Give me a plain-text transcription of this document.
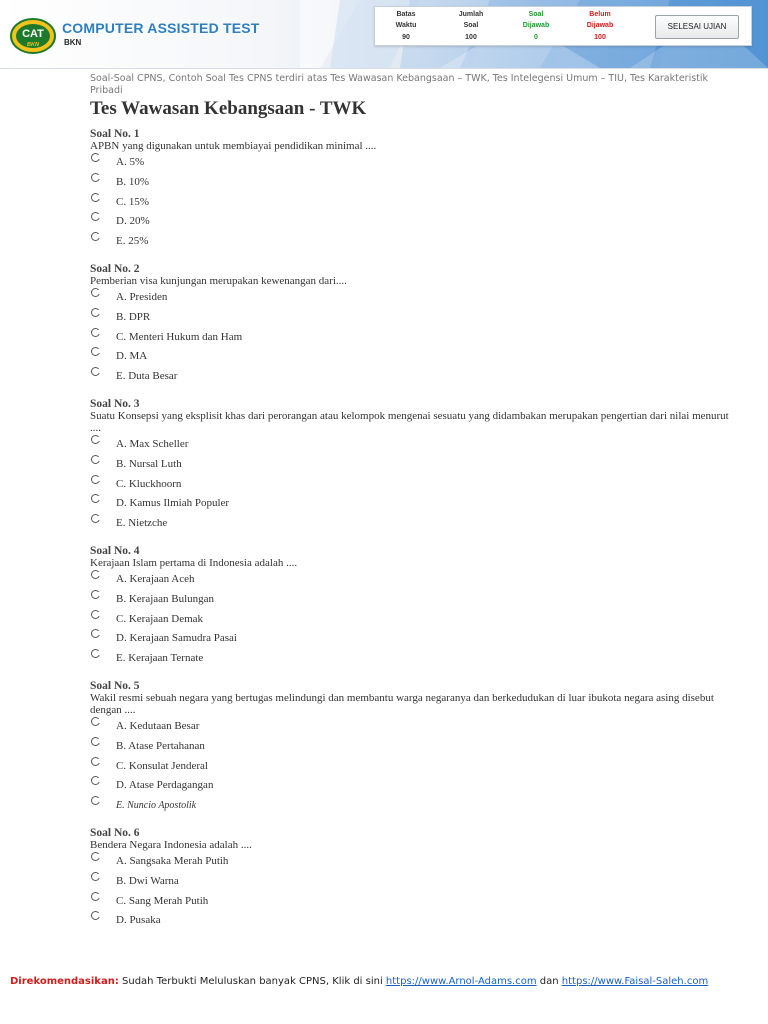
CAT
BKN
COMPUTER ASSISTED TEST
BKN
Batas
Waktu
90
Jumlah
Soal
100
Soal
Dijawab
0
Belum
Dijawab
100
SELESAI UJIAN
Soal-Soal CPNS, Contoh Soal Tes CPNS terdiri atas Tes Wawasan Kebangsaan – TWK, Tes Intelegensi Umum – TIU, Tes Karakteristik Pribadi
Tes Wawasan Kebangsaan - TWK
Soal No. 1
APBN yang digunakan untuk membiayai pendidikan minimal ....
A. 5%
B. 10%
C. 15%
D. 20%
E. 25%
Soal No. 2
Pemberian visa kunjungan merupakan kewenangan dari....
A. Presiden
B. DPR
C. Menteri Hukum dan Ham
D. MA
E. Duta Besar
Soal No. 3
Suatu Konsepsi yang eksplisit khas dari perorangan atau kelompok mengenai sesuatu yang didambakan merupakan pengertian dari nilai menurut ....
A. Max Scheller
B. Nursal Luth
C. Kluckhoorn
D. Kamus Ilmiah Populer
E. Nietzche
Soal No. 4
Kerajaan Islam pertama di Indonesia adalah ....
A. Kerajaan Aceh
B. Kerajaan Bulungan
C. Kerajaan Demak
D. Kerajaan Samudra Pasai
E. Kerajaan Ternate
Soal No. 5
Wakil resmi sebuah negara yang bertugas melindungi dan membantu warga negaranya dan berkedudukan di luar ibukota negara asing disebut dengan ....
A. Kedutaan Besar
B. Atase Pertahanan
C. Konsulat Jenderal
D. Atase Perdagangan
E. Nuncio Apostolik
Soal No. 6
Bendera Negara Indonesia adalah ....
A. Sangsaka Merah Putih
B. Dwi Warna
C. Sang Merah Putih
D. Pusaka
Direkomendasikan: Sudah Terbukti Meluluskan banyak CPNS, Klik di sini https://www.Arnol-Adams.com dan https://www.Faisal-Saleh.com
